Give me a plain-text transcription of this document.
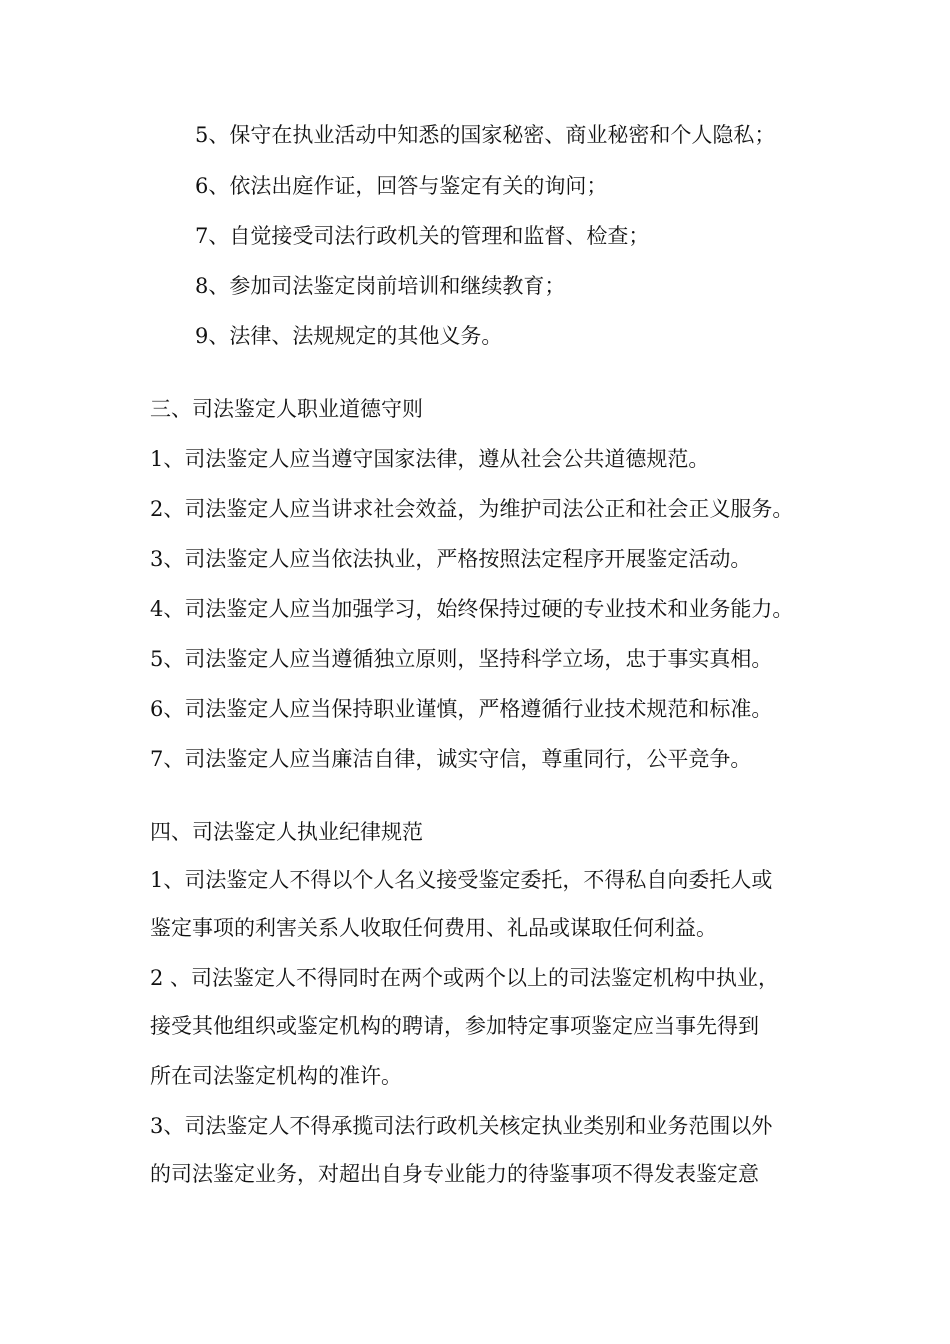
5、保守在执业活动中知悉的国家秘密、商业秘密和个人隐私；
6、依法出庭作证，回答与鉴定有关的询问；
7、自觉接受司法行政机关的管理和监督、检查；
8、参加司法鉴定岗前培训和继续教育；
9、法律、法规规定的其他义务。
三、司法鉴定人职业道德守则
1、司法鉴定人应当遵守国家法律，遵从社会公共道德规范。
2、司法鉴定人应当讲求社会效益，为维护司法公正和社会正义服务。
3、司法鉴定人应当依法执业，严格按照法定程序开展鉴定活动。
4、司法鉴定人应当加强学习，始终保持过硬的专业技术和业务能力。
5、司法鉴定人应当遵循独立原则，坚持科学立场，忠于事实真相。
6、司法鉴定人应当保持职业谨慎，严格遵循行业技术规范和标准。
7、司法鉴定人应当廉洁自律，诚实守信，尊重同行，公平竞争。
四、司法鉴定人执业纪律规范
1、司法鉴定人不得以个人名义接受鉴定委托，不得私自向委托人或
鉴定事项的利害关系人收取任何费用、礼品或谋取任何利益。
2 、司法鉴定人不得同时在两个或两个以上的司法鉴定机构中执业，
接受其他组织或鉴定机构的聘请，参加特定事项鉴定应当事先得到
所在司法鉴定机构的准许。
3、司法鉴定人不得承揽司法行政机关核定执业类别和业务范围以外
的司法鉴定业务，对超出自身专业能力的待鉴事项不得发表鉴定意
